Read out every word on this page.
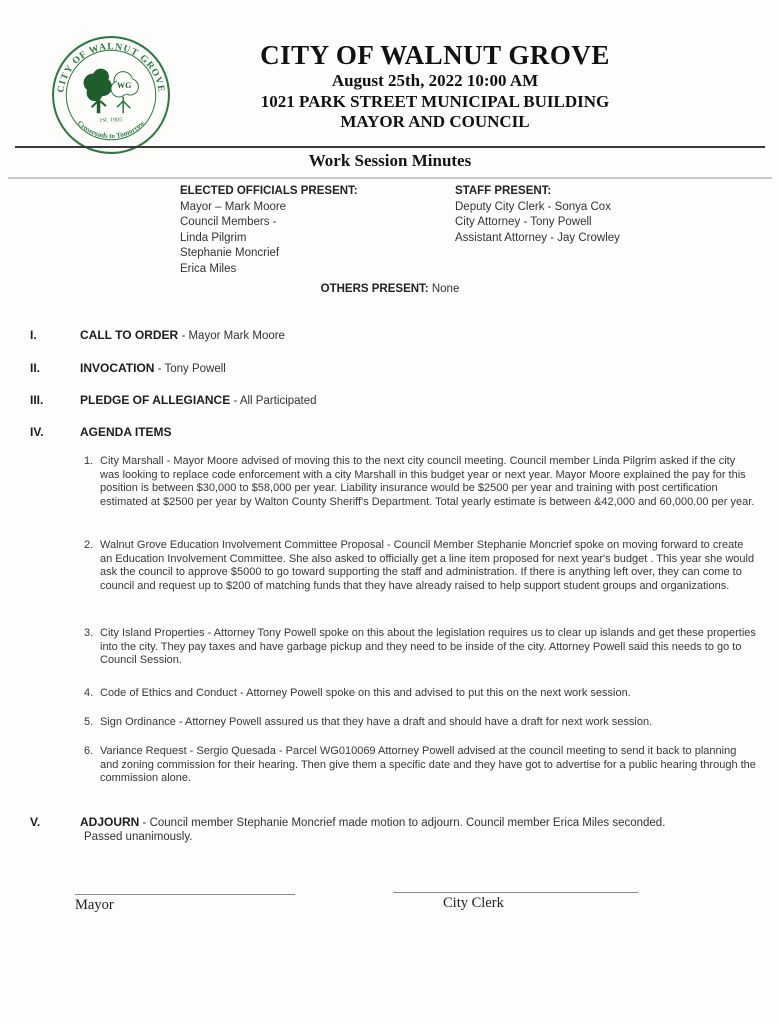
CITY OF WALNUT GROVE
WG
est. 1905
Crossroads to Tomorrow
CITY OF WALNUT GROVE
August 25th, 2022 10:00 AM
1021 PARK STREET MUNICIPAL BUILDING
MAYOR AND COUNCIL
Work Session Minutes
ELECTED OFFICIALS PRESENT:
Mayor – Mark Moore
Council Members -
Linda Pilgrim
Stephanie Moncrief
Erica Miles
STAFF PRESENT:
Deputy City Clerk - Sonya Cox
City Attorney - Tony Powell
Assistant Attorney - Jay Crowley
OTHERS PRESENT: None
I.	CALL TO ORDER - Mayor Mark Moore
II.	INVOCATION - Tony Powell
III.	PLEDGE OF ALLEGIANCE - All Participated
IV.	AGENDA ITEMS
1. City Marshall - Mayor Moore advised of moving this to the next city council meeting. Council member Linda Pilgrim asked if the city was looking to replace code enforcement with a city Marshall in this budget year or next year. Mayor Moore explained the pay for this position is between $30,000 to $58,000 per year. Liability insurance would be $2500 per year and training with post certification estimated at $2500 per year by Walton County Sheriff's Department. Total yearly estimate is between &42,000 and 60,000.00 per year.
2. Walnut Grove Education Involvement Committee Proposal - Council Member Stephanie Moncrief spoke on moving forward to create an Education Involvement Committee. She also asked to officially get a line item proposed for next year's budget . This year she would ask the council to approve $5000 to go toward supporting the staff and administration. If there is anything left over, they can come to council and request up to $200 of matching funds that they have already raised to help support student groups and organizations.
3. City Island Properties - Attorney Tony Powell spoke on this about the legislation requires us to clear up islands and get these properties into the city. They pay taxes and have garbage pickup and they need to be inside of the city. Attorney Powell said this needs to go to Council Session.
4. Code of Ethics and Conduct - Attorney Powell spoke on this and advised to put this on the next work session.
5. Sign Ordinance - Attorney Powell assured us that they have a draft and should have a draft for next work session.
6. Variance Request - Sergio Quesada - Parcel WG010069 Attorney Powell advised at the council meeting to send it back to planning and zoning commission for their hearing. Then give them a specific date and they have got to advertise for a public hearing through the commission alone.
V.	ADJOURN - Council member Stephanie Moncrief made motion to adjourn. Council member Erica Miles seconded.
Passed unanimously.
Mayor	City Clerk
